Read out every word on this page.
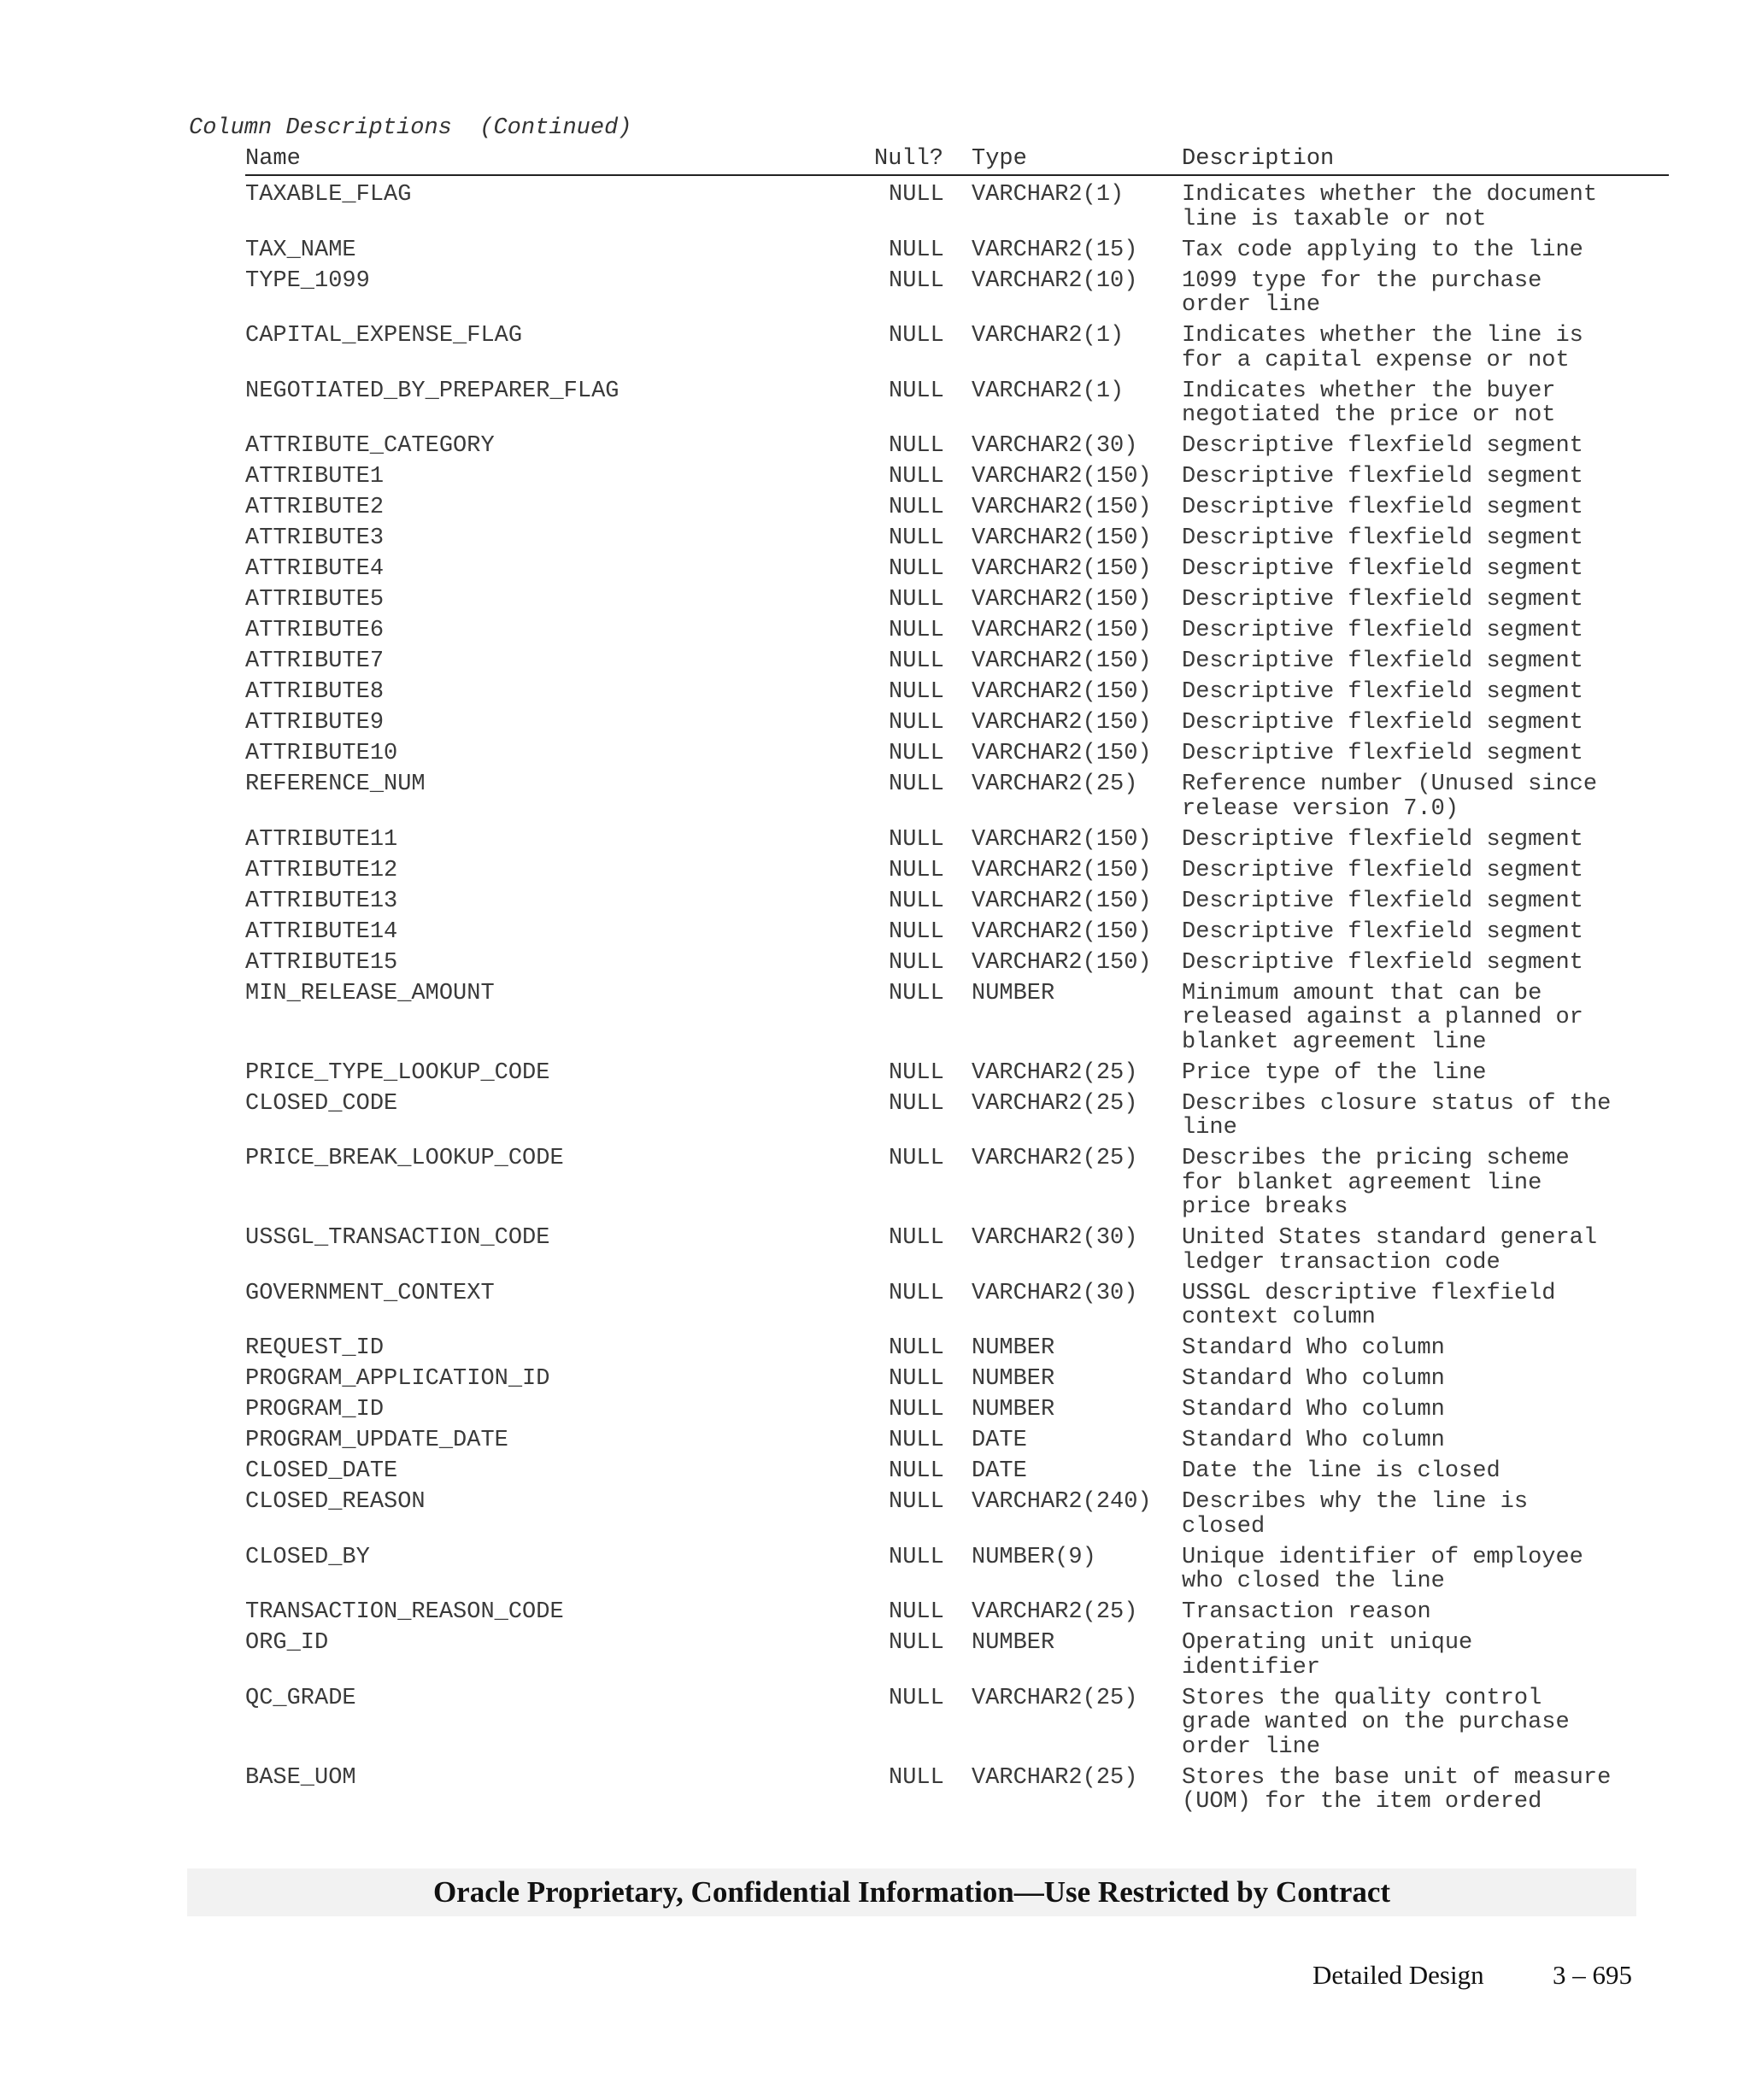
Column Descriptions  (Continued)
Name	Null? Type	Description
TAXABLE_FLAG	NULL VARCHAR2(1)	Indicates whether the document
line is taxable or not
TAX_NAME	NULL VARCHAR2(15) Tax code applying to the line
TYPE_1099	NULL VARCHAR2(10) 1099 type for the purchase
order line
CAPITAL_EXPENSE_FLAG	NULL VARCHAR2(1)	Indicates whether the line is
for a capital expense or not
NEGOTIATED_BY_PREPARER_FLAG	NULL VARCHAR2(1)	Indicates whether the buyer
negotiated the price or not
ATTRIBUTE_CATEGORY	NULL VARCHAR2(30) Descriptive flexfield segment
ATTRIBUTE1	NULL VARCHAR2(150) Descriptive flexfield segment
ATTRIBUTE2	NULL VARCHAR2(150) Descriptive flexfield segment
ATTRIBUTE3	NULL VARCHAR2(150) Descriptive flexfield segment
ATTRIBUTE4	NULL VARCHAR2(150) Descriptive flexfield segment
ATTRIBUTE5	NULL VARCHAR2(150) Descriptive flexfield segment
ATTRIBUTE6	NULL VARCHAR2(150) Descriptive flexfield segment
ATTRIBUTE7	NULL VARCHAR2(150) Descriptive flexfield segment
ATTRIBUTE8	NULL VARCHAR2(150) Descriptive flexfield segment
ATTRIBUTE9	NULL VARCHAR2(150) Descriptive flexfield segment
ATTRIBUTE10	NULL VARCHAR2(150) Descriptive flexfield segment
REFERENCE_NUM	NULL VARCHAR2(25) Reference number (Unused since
release version 7.0)
ATTRIBUTE11	NULL VARCHAR2(150) Descriptive flexfield segment
ATTRIBUTE12	NULL VARCHAR2(150) Descriptive flexfield segment
ATTRIBUTE13	NULL VARCHAR2(150) Descriptive flexfield segment
ATTRIBUTE14	NULL VARCHAR2(150) Descriptive flexfield segment
ATTRIBUTE15	NULL VARCHAR2(150) Descriptive flexfield segment
MIN_RELEASE_AMOUNT	NULL NUMBER	Minimum amount that can be
released against a planned or
blanket agreement line
PRICE_TYPE_LOOKUP_CODE	NULL VARCHAR2(25) Price type of the line
CLOSED_CODE	NULL VARCHAR2(25) Describes closure status of the
line
PRICE_BREAK_LOOKUP_CODE	NULL VARCHAR2(25) Describes the pricing scheme
for blanket agreement line
price breaks
USSGL_TRANSACTION_CODE	NULL VARCHAR2(30) United States standard general
ledger transaction code
GOVERNMENT_CONTEXT	NULL VARCHAR2(30) USSGL descriptive flexfield
context column
REQUEST_ID	NULL NUMBER	Standard Who column
PROGRAM_APPLICATION_ID	NULL NUMBER	Standard Who column
PROGRAM_ID	NULL NUMBER	Standard Who column
PROGRAM_UPDATE_DATE	NULL DATE	Standard Who column
CLOSED_DATE	NULL DATE	Date the line is closed
CLOSED_REASON	NULL VARCHAR2(240) Describes why the line is
closed
CLOSED_BY	NULL NUMBER(9)	Unique identifier of employee
who closed the line
TRANSACTION_REASON_CODE	NULL VARCHAR2(25) Transaction reason
ORG_ID	NULL NUMBER	Operating unit unique
identifier
QC_GRADE	NULL VARCHAR2(25) Stores the quality control
grade wanted on the purchase
order line
BASE_UOM	NULL VARCHAR2(25) Stores the base unit of measure
(UOM) for the item ordered
Oracle Proprietary, Confidential Information––Use Restricted by Contract
Detailed Design	3 – 695
